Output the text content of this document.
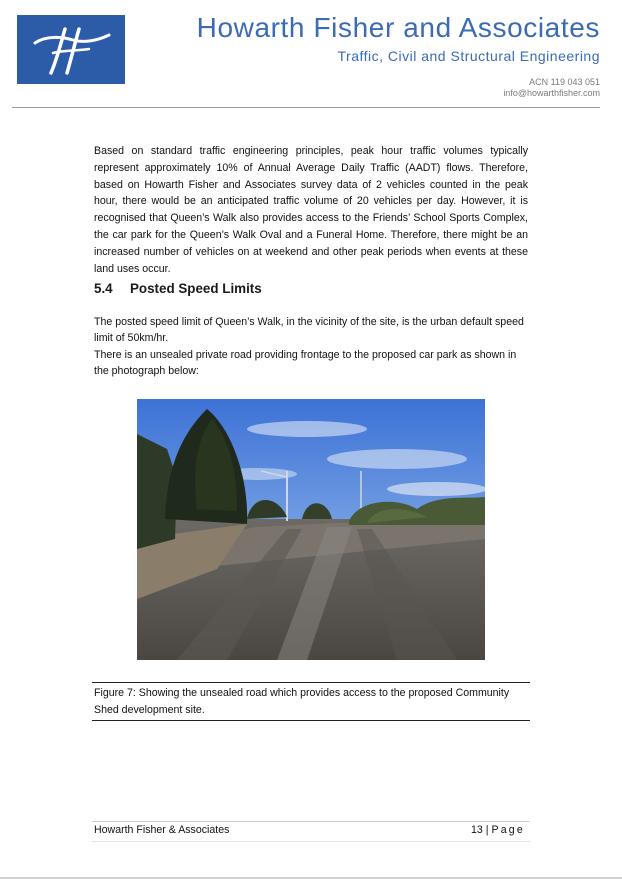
Howarth Fisher and Associates
Traffic, Civil and Structural Engineering
ACN 119 043 051
info@howarthfisher.com
Based on standard traffic engineering principles, peak hour traffic volumes typically represent approximately 10% of Annual Average Daily Traffic (AADT) flows. Therefore, based on Howarth Fisher and Associates survey data of 2 vehicles counted in the peak hour, there would be an anticipated traffic volume of 20 vehicles per day. However, it is recognised that Queen’s Walk also provides access to the Friends’ School Sports Complex, the car park for the Queen’s Walk Oval and a Funeral Home. Therefore, there might be an increased number of vehicles on at weekend and other peak periods when events at these land uses occur.
5.4 Posted Speed Limits

The posted speed limit of Queen’s Walk, in the vicinity of the site, is the urban default speed limit of 50km/hr.

There is an unsealed private road providing frontage to the proposed car park as shown in the photograph below:

Figure 7: Showing the unsealed road which provides access to the proposed Community Shed development site.
Howarth Fisher & Associates	13 | Page
